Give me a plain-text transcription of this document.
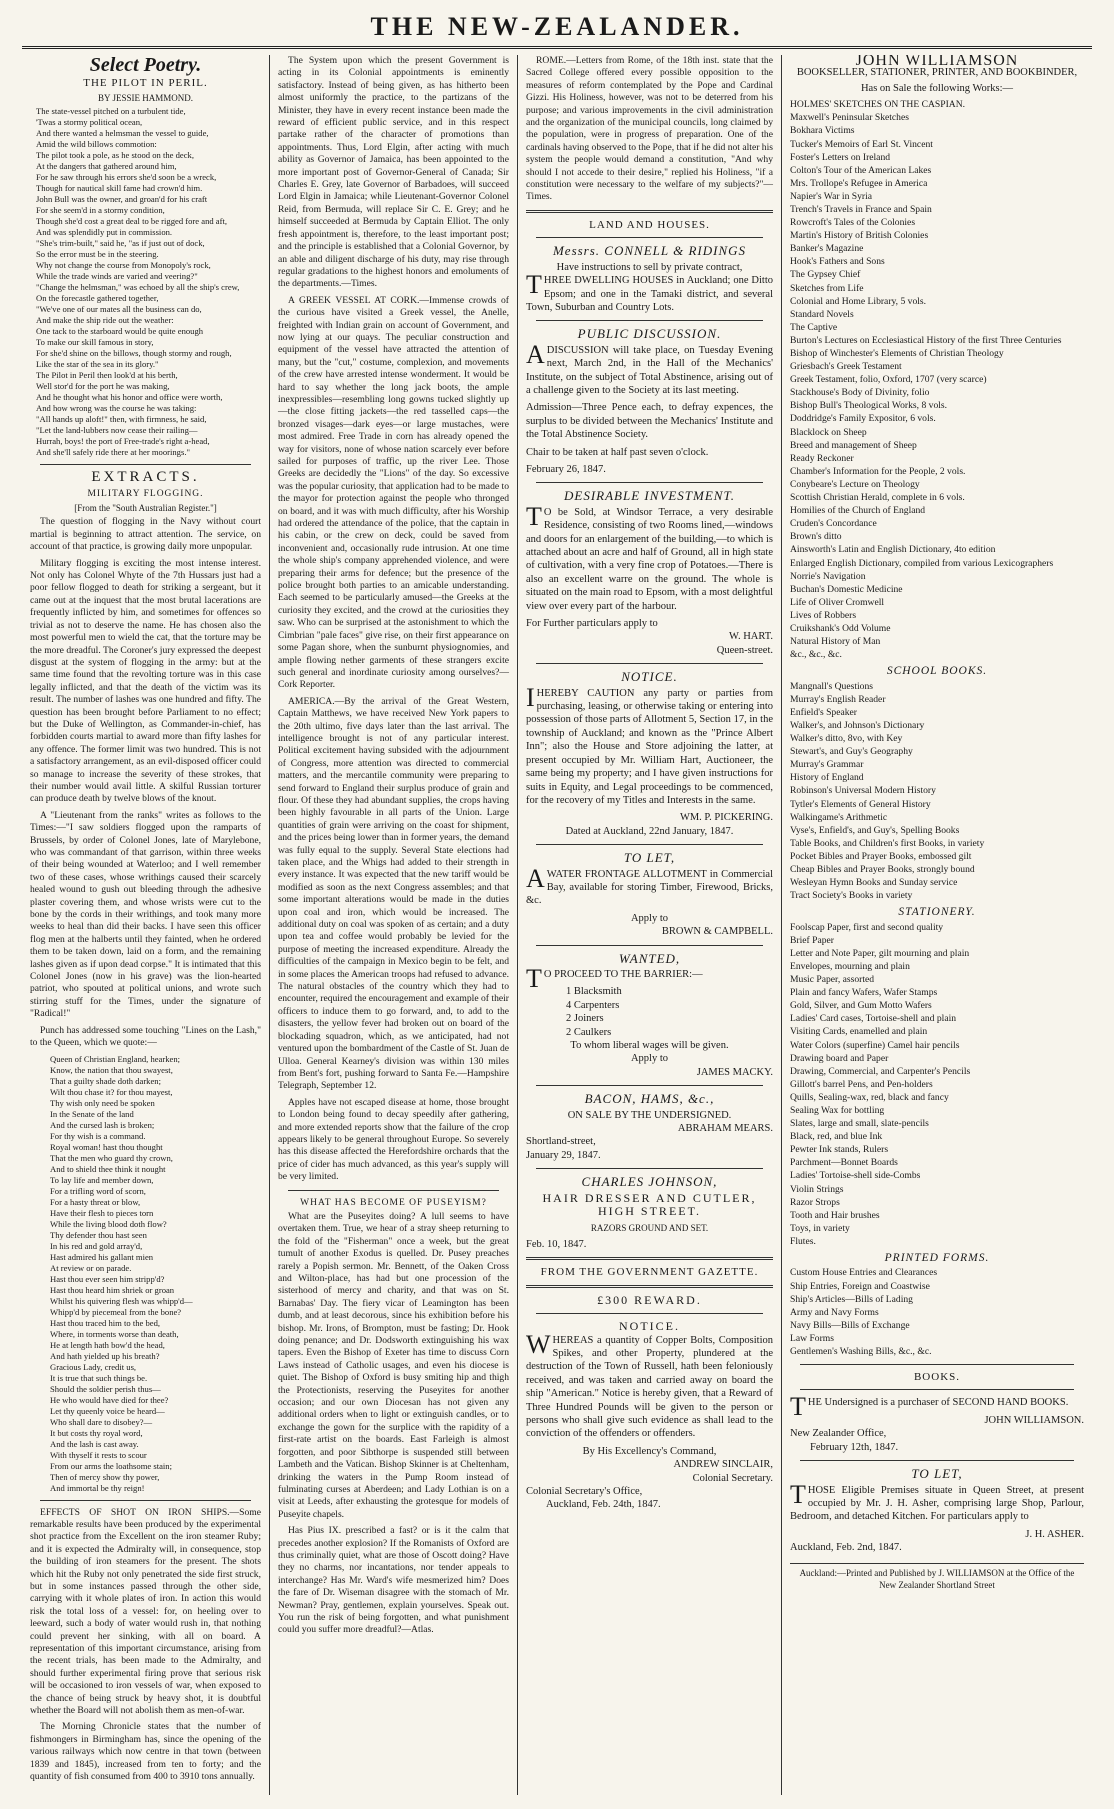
THE NEW-ZEALANDER.
Select Poetry.
THE PILOT IN PERIL.
BY JESSIE HAMMOND.
The state-vessel pitched on a turbulent tide,
'Twas a stormy political ocean,
And there wanted a helmsman the vessel to guide,
Amid the wild billows commotion:
The pilot took a pole, as he stood on the deck,
At the dangers that gathered around him,
For he saw through his errors she'd soon be a wreck,
Though for nautical skill fame had crown'd him.
John Bull was the owner, and groan'd for his craft
For she seem'd in a stormy condition,
Though she'd cost a great deal to be rigged fore and aft,
And was splendidly put in commission.
"She's trim-built," said he, "as if just out of dock,
So the error must be in the steering.
Why not change the course from Monopoly's rock,
While the trade winds are varied and veering?"
"Change the helmsman," was echoed by all the ship's crew,
On the forecastle gathered together,
"We've one of our mates all the business can do,
And make the ship ride out the weather:
One tack to the starboard would be quite enough
To make our skill famous in story,
For she'd shine on the billows, though stormy and rough,
Like the star of the sea in its glory."
The Pilot in Peril then look'd at his berth,
Well stor'd for the port he was making,
And he thought what his honor and office were worth,
And how wrong was the course he was taking:
"All hands up aloft!" then, with firmness, he said,
"Let the land-lubbers now cease their railing—
Hurrah, boys! the port of Free-trade's right a-head,
And she'll safely ride there at her moorings."
EXTRACTS.
MILITARY FLOGGING.
[From the "South Australian Register."]

The question of flogging in the Navy without court martial is beginning to attract attention. The service, on account of that practice, is growing daily more unpopular.

Military flogging is exciting the most intense interest. Not only has Colonel Whyte of the 7th Hussars just had a poor fellow flogged to death for striking a sergeant, but it came out at the inquest that the most brutal lacerations are frequently inflicted by him, and sometimes for offences so trivial as not to deserve the name. He has chosen also the most powerful men to wield the cat, that the torture may be the more dreadful. The Coroner's jury expressed the deepest disgust at the system of flogging in the army: but at the same time found that the revolting torture was in this case legally inflicted, and that the death of the victim was its result. The number of lashes was one hundred and fifty. The question has been brought before Parliament to no effect; but the Duke of Wellington, as Commander-in-chief, has forbidden courts martial to award more than fifty lashes for any offence. The former limit was two hundred. This is not a satisfactory arrangement, as an evil-disposed officer could so manage to increase the severity of these strokes, that their number would avail little. A skilful Russian torturer can produce death by twelve blows of the knout.

A "Lieutenant from the ranks" writes as follows to the Times:—"I saw soldiers flogged upon the ramparts of Brussels, by order of Colonel Jones, late of Marylebone, who was commandant of that garrison, within three weeks of their being wounded at Waterloo; and I well remember two of these cases, whose writhings caused their scarcely healed wound to gush out bleeding through the adhesive plaster covering them, and whose wrists were cut to the bone by the cords in their writhings, and took many more weeks to heal than did their backs. I have seen this officer flog men at the halberts until they fainted, when he ordered them to be taken down, laid on a form, and the remaining lashes given as if upon dead corpse." It is intimated that this Colonel Jones (now in his grave) was the lion-hearted patriot, who spouted at political unions, and wrote such stirring stuff for the Times, under the signature of "Radical!"

Punch has addressed some touching "Lines on the Lash," to the Queen, which we quote:—

Queen of Christian England, hearken;
Know, the nation that thou swayest,
That a guilty shade doth darken;
Wilt thou chase it? for thou mayest,
Thy wish only need be spoken
In the Senate of the land
And the cursed lash is broken;
For thy wish is a command.
Royal woman! hast thou thought
That the men who guard thy crown,
And to shield thee think it nought
To lay life and member down,
For a trifling word of scorn,
For a hasty threat or blow,
Have their flesh to pieces torn
While the living blood doth flow?
Thy defender thou hast seen
In his red and gold array'd,
Hast admired his gallant mien
At review or on parade.
Hast thou ever seen him stripp'd?
Hast thou heard him shriek or groan
Whilst his quivering flesh was whipp'd—
Whipp'd by piecemeal from the bone?
Hast thou traced him to the bed,
Where, in torments worse than death,
He at length hath bow'd the head,
And hath yielded up his breath?
Gracious Lady, credit us,
It is true that such things be.
Should the soldier perish thus—
He who would have died for thee?
Let thy queenly voice be heard—
Who shall dare to disobey?—
It but costs thy royal word,
And the lash is cast away.
With thyself it rests to scour
From our arms the loathsome stain;
Then of mercy show thy power,
And immortal be thy reign!

EFFECTS OF SHOT ON IRON SHIPS.—Some remarkable results have been produced by the experimental shot practice from the Excellent on the iron steamer Ruby; and it is expected the Admiralty will, in consequence, stop the building of iron steamers for the present. The shots which hit the Ruby not only penetrated the side first struck, but in some instances passed through the other side, carrying with it whole plates of iron. In action this would risk the total loss of a vessel: for, on heeling over to leeward, such a body of water would rush in, that nothing could prevent her sinking, with all on board. A representation of this important circumstance, arising from the recent trials, has been made to the Admiralty, and should further experimental firing prove that serious risk will be occasioned to iron vessels of war, when exposed to the chance of being struck by heavy shot, it is doubtful whether the Board will not abolish them as men-of-war.

The Morning Chronicle states that the number of fishmongers in Birmingham has, since the opening of the various railways which now centre in that town (between 1839 and 1845), increased from ten to forty; and the quantity of fish consumed from 400 to 3910 tons annually.

The System upon which the present Government is acting in its Colonial appointments is eminently satisfactory. Instead of being given, as has hitherto been almost uniformly the practice, to the partizans of the Minister, they have in every recent instance been made the reward of efficient public service, and in this respect partake rather of the character of promotions than appointments. Thus, Lord Elgin, after acting with much ability as Governor of Jamaica, has been appointed to the more important post of Governor-General of Canada; Sir Charles E. Grey, late Governor of Barbadoes, will succeed Lord Elgin in Jamaica; while Lieutenant-Governor Colonel Reid, from Bermuda, will replace Sir C. E. Grey; and he himself succeeded at Bermuda by Captain Elliot. The only fresh appointment is, therefore, to the least important post; and the principle is established that a Colonial Governor, by an able and diligent discharge of his duty, may rise through regular gradations to the highest honors and emoluments of the departments.—Times.

A GREEK VESSEL AT CORK.—Immense crowds of the curious have visited a Greek vessel, the Anelle, freighted with Indian grain on account of Government, and now lying at our quays. The peculiar construction and equipment of the vessel have attracted the attention of many, but the "cut," costume, complexion, and movements of the crew have arrested intense wonderment. It would be hard to say whether the long jack boots, the ample inexpressibles—resembling long gowns tucked slightly up—the close fitting jackets—the red tasselled caps—the bronzed visages—dark eyes—or large mustaches, were most admired. Free Trade in corn has already opened the way for visitors, none of whose nation scarcely ever before sailed for purposes of traffic, up the river Lee. Those Greeks are decidedly the "Lions" of the day. So excessive was the popular curiosity, that application had to be made to the mayor for protection against the people who thronged on board, and it was with much difficulty, after his Worship had ordered the attendance of the police, that the captain in his cabin, or the crew on deck, could be saved from inconvenient and, occasionally rude intrusion. At one time the whole ship's company apprehended violence, and were preparing their arms for defence; but the presence of the police brought both parties to an amicable understanding. Each seemed to be particularly amused—the Greeks at the curiosity they excited, and the crowd at the curiosities they saw. Who can be surprised at the astonishment to which the Cimbrian "pale faces" give rise, on their first appearance on some Pagan shore, when the sunburnt physiognomies, and ample flowing nether garments of these strangers excite such general and inordinate curiosity among ourselves?—Cork Reporter.

AMERICA.—By the arrival of the Great Western, Captain Matthews, we have received New York papers to the 20th ultimo, five days later than the last arrival. The intelligence brought is not of any particular interest. Political excitement having subsided with the adjournment of Congress, more attention was directed to commercial matters, and the mercantile community were preparing to send forward to England their surplus produce of grain and flour. Of these they had abundant supplies, the crops having been highly favourable in all parts of the Union. Large quantities of grain were arriving on the coast for shipment, and the prices being lower than in former years, the demand was fully equal to the supply. Several State elections had taken place, and the Whigs had added to their strength in every instance. It was expected that the new tariff would be modified as soon as the next Congress assembles; and that some important alterations would be made in the duties upon coal and iron, which would be increased. The additional duty on coal was spoken of as certain; and a duty upon tea and coffee would probably be levied for the purpose of meeting the increased expenditure. Already the difficulties of the campaign in Mexico begin to be felt, and in some places the American troops had refused to advance. The natural obstacles of the country which they had to encounter, required the encouragement and example of their officers to induce them to go forward, and, to add to the disasters, the yellow fever had broken out on board of the blockading squadron, which, as we anticipated, had not ventured upon the bombardment of the Castle of St. Juan de Ulloa. General Kearney's division was within 130 miles from Bent's fort, pushing forward to Santa Fe.—Hampshire Telegraph, September 12.

Apples have not escaped disease at home, those brought to London being found to decay speedily after gathering, and more extended reports show that the failure of the crop appears likely to be general throughout Europe. So severely has this disease affected the Herefordshire orchards that the price of cider has much advanced, as this year's supply will be very limited.

WHAT HAS BECOME OF PUSEYISM?

What are the Puseyites doing? A lull seems to have overtaken them. True, we hear of a stray sheep returning to the fold of the "Fisherman" once a week, but the great tumult of another Exodus is quelled. Dr. Pusey preaches rarely a Popish sermon. Mr. Bennett, of the Oaken Cross and Wilton-place, has had but one procession of the sisterhood of mercy and charity, and that was on St. Barnabas' Day. The fiery vicar of Leamington has been dumb, and at least decorous, since his exhibition before his bishop. Mr. Irons, of Brompton, must be fasting; Dr. Hook doing penance; and Dr. Dodsworth extinguishing his wax tapers. Even the Bishop of Exeter has time to discuss Corn Laws instead of Catholic usages, and even his diocese is quiet. The Bishop of Oxford is busy smiting hip and thigh the Protectionists, reserving the Puseyites for another occasion; and our own Diocesan has not given any additional orders when to light or extinguish candles, or to exchange the gown for the surplice with the rapidity of a first-rate artist on the boards. East Farleigh is almost forgotten, and poor Sibthorpe is suspended still between Lambeth and the Vatican. Bishop Skinner is at Cheltenham, drinking the waters in the Pump Room instead of fulminating curses at Aberdeen; and Lady Lothian is on a visit at Leeds, after exhausting the grotesque for models of Puseyite chapels.

Has Pius IX. prescribed a fast? or is it the calm that precedes another explosion? If the Romanists of Oxford are thus criminally quiet, what are those of Oscott doing? Have they no charms, nor incantations, nor tender appeals to interchange? Has Mr. Ward's wife mesmerized him? Does the fare of Dr. Wiseman disagree with the stomach of Mr. Newman? Pray, gentlemen, explain yourselves. Speak out. You run the risk of being forgotten, and what punishment could you suffer more dreadful?—Atlas.

ROME.—Letters from Rome, of the 18th inst. state that the Sacred College offered every possible opposition to the measures of reform contemplated by the Pope and Cardinal Gizzi. His Holiness, however, was not to be deterred from his purpose; and various improvements in the civil administration and the organization of the municipal councils, long claimed by the population, were in progress of preparation. One of the cardinals having observed to the Pope, that if he did not alter his system the people would demand a constitution, "And why should I not accede to their desire," replied his Holiness, "if a constitution were necessary to the welfare of my subjects?"—Times.

LAND AND HOUSES.
Messrs. CONNELL & RIDINGS
Have instructions to sell by private contract,

THREE DWELLING HOUSES in Auckland; one Ditto Epsom; and one in the Tamaki district, and several Town, Suburban and Country Lots.

PUBLIC DISCUSSION.

ADISCUSSION will take place, on Tuesday Evening next, March 2nd, in the Hall of the Mechanics' Institute, on the subject of Total Abstinence, arising out of a challenge given to the Society at its last meeting.

Admission—Three Pence each, to defray expences, the surplus to be divided between the Mechanics' Institute and the Total Abstinence Society.

Chair to be taken at half past seven o'clock.

February 26, 1847.
DESIRABLE INVESTMENT.

TO be Sold, at Windsor Terrace, a very desirable Residence, consisting of two Rooms lined,—windows and doors for an enlargement of the building,—to which is attached about an acre and half of Ground, all in high state of cultivation, with a very fine crop of Potatoes.—There is also an excellent warre on the ground. The whole is situated on the main road to Epsom, with a most delightful view over every part of the harbour.

For Further particulars apply to
W. HART.
Queen-street.
NOTICE.

IHEREBY CAUTION any party or parties from purchasing, leasing, or otherwise taking or entering into possession of those parts of Allotment 5, Section 17, in the township of Auckland; and known as the "Prince Albert Inn"; also the House and Store adjoining the latter, at present occupied by Mr. William Hart, Auctioneer, the same being my property; and I have given instructions for suits in Equity, and Legal proceedings to be commenced, for the recovery of my Titles and Interests in the same.

WM. P. PICKERING.
Dated at Auckland, 22nd January, 1847.
TO LET,

AWATER FRONTAGE ALLOTMENT in Commercial Bay, available for storing Timber, Firewood, Bricks, &c.

Apply to
BROWN & CAMPBELL.
WANTED,

TO PROCEED TO THE BARRIER:—

1 Blacksmith
4 Carpenters
2 Joiners
2 Caulkers
To whom liberal wages will be given.
Apply to
JAMES MACKY.
BACON, HAMS, &c.,
ON SALE BY THE UNDERSIGNED.
ABRAHAM MEARS.
Shortland-street,
January 29, 1847.
CHARLES JOHNSON,
HAIR DRESSER AND CUTLER,
HIGH STREET.
RAZORS GROUND AND SET.
Feb. 10, 1847.
FROM THE GOVERNMENT GAZETTE.
£300 REWARD.
NOTICE.

WHEREAS a quantity of Copper Bolts, Composition Spikes, and other Property, plundered at the destruction of the Town of Russell, hath been feloniously received, and was taken and carried away on board the ship "American." Notice is hereby given, that a Reward of Three Hundred Pounds will be given to the person or persons who shall give such evidence as shall lead to the conviction of the offenders or offenders.

By His Excellency's Command,
ANDREW SINCLAIR,
Colonial Secretary.
Colonial Secretary's Office,
Auckland, Feb. 24th, 1847.
JOHN WILLIAMSON
BOOKSELLER, STATIONER, PRINTER, AND BOOKBINDER,
Has on Sale the following Works:—
HOLMES' SKETCHES ON THE CASPIAN.
Maxwell's Peninsular Sketches
Bokhara Victims
Tucker's Memoirs of Earl St. Vincent
Foster's Letters on Ireland
Colton's Tour of the American Lakes
Mrs. Trollope's Refugee in America
Napier's War in Syria
Trench's Travels in France and Spain
Rowcroft's Tales of the Colonies
Martin's History of British Colonies
Banker's Magazine
Hook's Fathers and Sons
The Gypsey Chief
Sketches from Life
Colonial and Home Library, 5 vols.
Standard Novels
The Captive
Burton's Lectures on Ecclesiastical History of the first Three Centuries
Bishop of Winchester's Elements of Christian Theology
Griesbach's Greek Testament
Greek Testament, folio, Oxford, 1707 (very scarce)
Stackhouse's Body of Divinity, folio
Bishop Bull's Theological Works, 8 vols.
Doddridge's Family Expositor, 6 vols.
Blacklock on Sheep
Breed and management of Sheep
Ready Reckoner
Chamber's Information for the People, 2 vols.
Conybeare's Lecture on Theology
Scottish Christian Herald, complete in 6 vols.
Homilies of the Church of England
Cruden's Concordance
Brown's ditto
Ainsworth's Latin and English Dictionary, 4to edition
Enlarged English Dictionary, compiled from various Lexicographers
Norrie's Navigation
Buchan's Domestic Medicine
Life of Oliver Cromwell
Lives of Robbers
Cruikshank's Odd Volume
Natural History of Man
&c., &c., &c.
SCHOOL BOOKS.
Mangnall's Questions
Murray's English Reader
Enfield's Speaker
Walker's, and Johnson's Dictionary
Walker's ditto, 8vo, with Key
Stewart's, and Guy's Geography
Murray's Grammar
History of England
Robinson's Universal Modern History
Tytler's Elements of General History
Walkingame's Arithmetic
Vyse's, Enfield's, and Guy's, Spelling Books
Table Books, and Children's first Books, in variety
Pocket Bibles and Prayer Books, embossed gilt
Cheap Bibles and Prayer Books, strongly bound
Wesleyan Hymn Books and Sunday service
Tract Society's Books in variety
STATIONERY.
Foolscap Paper, first and second quality
Brief Paper
Letter and Note Paper, gilt mourning and plain
Envelopes, mourning and plain
Music Paper, assorted
Plain and fancy Wafers, Wafer Stamps
Gold, Silver, and Gum Motto Wafers
Ladies' Card cases, Tortoise-shell and plain
Visiting Cards, enamelled and plain
Water Colors (superfine) Camel hair pencils
Drawing board and Paper
Drawing, Commercial, and Carpenter's Pencils
Gillott's barrel Pens, and Pen-holders
Quills, Sealing-wax, red, black and fancy
Sealing Wax for bottling
Slates, large and small, slate-pencils
Black, red, and blue Ink
Pewter Ink stands, Rulers
Parchment—Bonnet Boards
Ladies' Tortoise-shell side-Combs
Violin Strings
Razor Strops
Tooth and Hair brushes
Toys, in variety
Flutes.
PRINTED FORMS.
Custom House Entries and Clearances
Ship Entries, Foreign and Coastwise
Ship's Articles—Bills of Lading
Army and Navy Forms
Navy Bills—Bills of Exchange
Law Forms
Gentlemen's Washing Bills, &c., &c.
BOOKS.

THE Undersigned is a purchaser of SECOND HAND BOOKS.

JOHN WILLIAMSON.
New Zealander Office,
February 12th, 1847.
TO LET,

THOSE Eligible Premises situate in Queen Street, at present occupied by Mr. J. H. Asher, comprising large Shop, Parlour, Bedroom, and detached Kitchen. For particulars apply to

J. H. ASHER.
Auckland, Feb. 2nd, 1847.
Auckland:—Printed and Published by J. WILLIAMSON at the Office of the New Zealander Shortland Street
